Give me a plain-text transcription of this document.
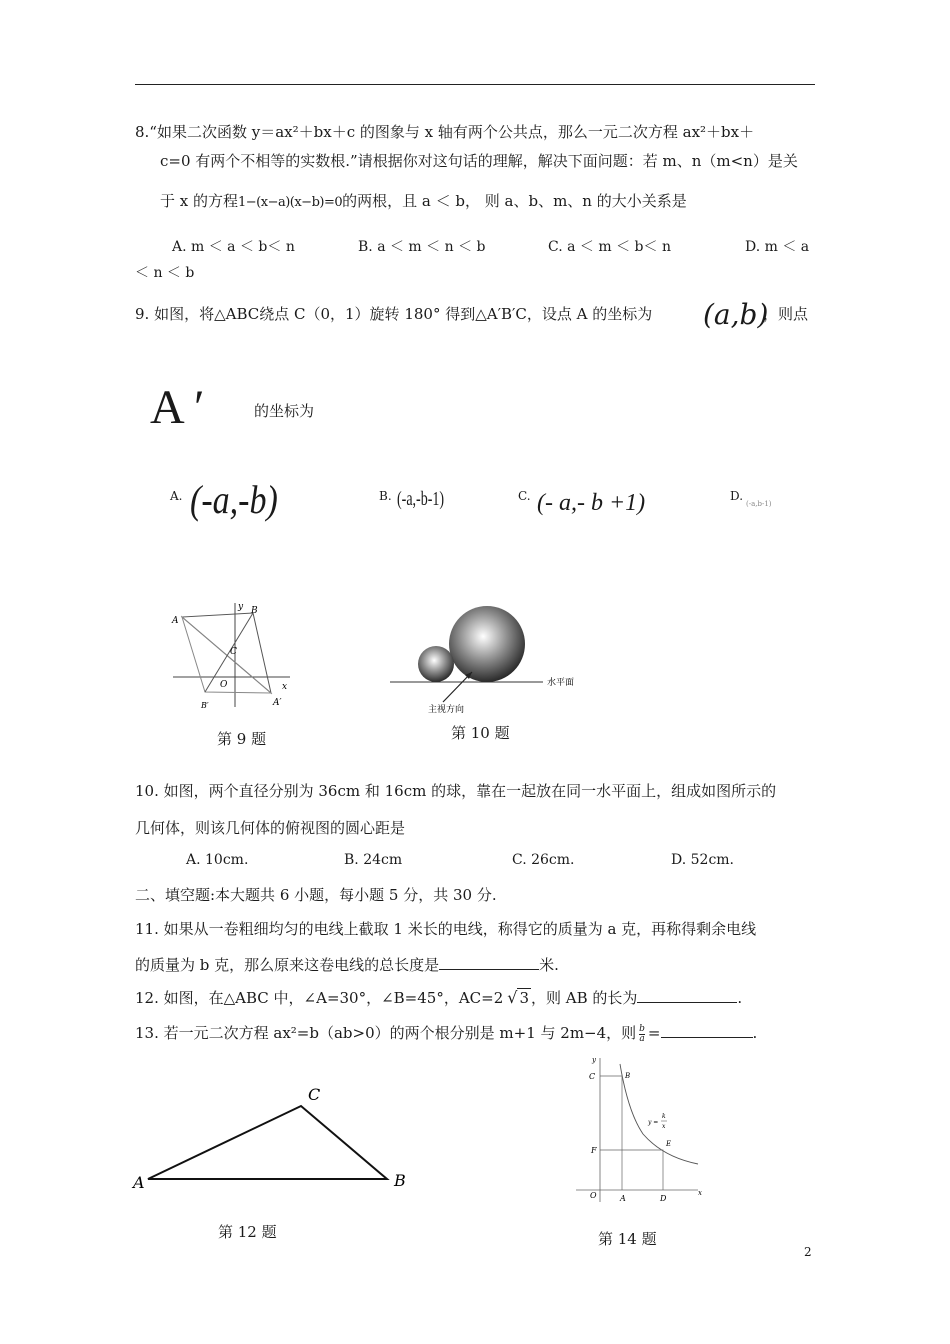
8.“如果二次函数 y＝ax²＋bx＋c 的图象与 x 轴有两个公共点，那么一元二次方程 ax²＋bx＋
c=0 有两个不相等的实数根.”请根据你对这句话的理解，解决下面问题：若 m、n（m<n）是关
于 x 的方程1−(x−a)(x−b)=0的两根，且 a ＜ b， 则 a、b、m、n 的大小关系是
A. m ＜ a ＜ b＜ n	B. a ＜ m ＜ n ＜ b	C. a ＜ m ＜ b＜ n	D. m ＜ a
＜ n ＜ b
9. 如图，将△ABC绕点 C（0，1）旋转 180° 得到△A′B′C，设点 A 的坐标为 (a,b)
，则点
A ′	的坐标为
A. (-a,-b)	B. (-a,-b-1)	C. (- a,- b +1)	D.
(-a,b-1)
A
B
C
O	x
y
B′	A′
第 9 题
水平面
主视方向
第 10 题
10. 如图，两个直径分别为 36cm 和 16cm 的球，靠在一起放在同一水平面上，组成如图所示的
几何体，则该几何体的俯视图的圆心距是
A. 10cm.	B. 24cm	C. 26cm.	D. 52cm.
二、填空题:本大题共 6 小题，每小题 5 分，共 30 分.
11. 如果从一卷粗细均匀的电线上截取 1 米长的电线，称得它的质量为 a 克，再称得剩余电线
的质量为 b 克，那么原来这卷电线的总长度是	米.
12. 如图，在△ABC 中，∠A=30°，∠B=45°，AC=2 √ 3 ，则 AB 的长为	.
13. 若一元二次方程 ax²=b（ab>0）的两个根分别是 m+1 与 2m−4，则 $\frac{b}{a}$ =	.
A	B
C
第 12 题
y
x
C	B
F
E
O	A	D
y =
k
x
第 14 题
2
